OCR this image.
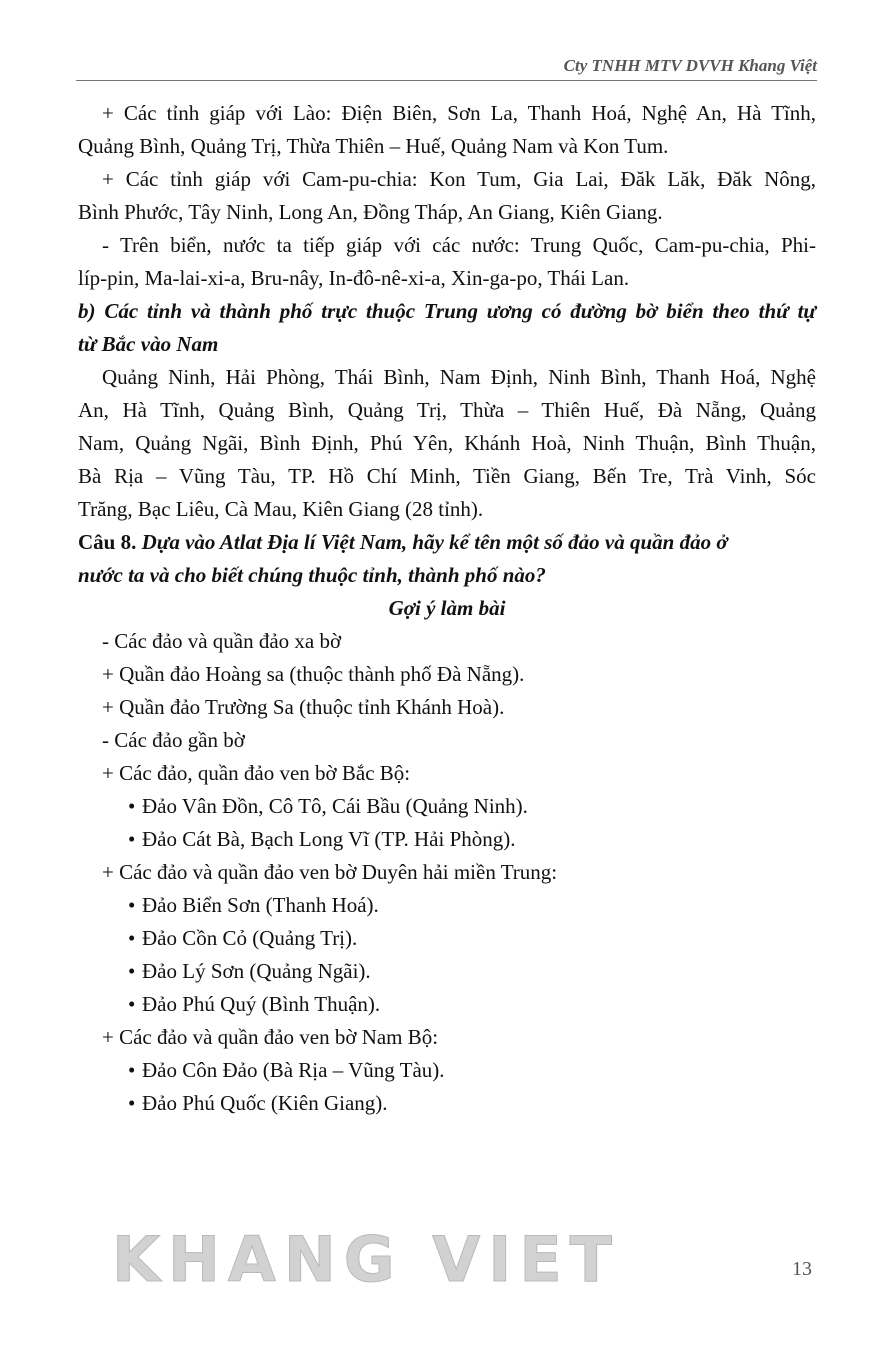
Cty TNHH MTV DVVH Khang Việt
+ Các tỉnh giáp với Lào: Điện Biên, Sơn La, Thanh Hoá, Nghệ An, Hà Tĩnh,
Quảng Bình, Quảng Trị, Thừa Thiên – Huế, Quảng Nam và Kon Tum.
+ Các tỉnh giáp với Cam-pu-chia: Kon Tum, Gia Lai, Đăk Lăk, Đăk Nông,
Bình Phước, Tây Ninh, Long An, Đồng Tháp, An Giang, Kiên Giang.
- Trên biển, nước ta tiếp giáp với các nước: Trung Quốc, Cam-pu-chia, Phi-
líp-pin, Ma-lai-xi-a, Bru-nây, In-đô-nê-xi-a, Xin-ga-po, Thái Lan.
b) Các tỉnh và thành phố trực thuộc Trung ương có đường bờ biển theo thứ tự
từ Bắc vào Nam
Quảng Ninh, Hải Phòng, Thái Bình, Nam Định, Ninh Bình, Thanh Hoá, Nghệ
An, Hà Tĩnh, Quảng Bình, Quảng Trị, Thừa – Thiên Huế, Đà Nẵng, Quảng
Nam, Quảng Ngãi, Bình Định, Phú Yên, Khánh Hoà, Ninh Thuận, Bình Thuận,
Bà Rịa – Vũng Tàu, TP. Hồ Chí Minh, Tiền Giang, Bến Tre, Trà Vinh, Sóc
Trăng, Bạc Liêu, Cà Mau, Kiên Giang (28 tỉnh).
Câu 8. Dựa vào Atlat Địa lí Việt Nam, hãy kể tên một số đảo và quần đảo ở
nước ta và cho biết chúng thuộc tỉnh, thành phố nào?
Gợi ý làm bài
- Các đảo và quần đảo xa bờ
+ Quần đảo Hoàng sa (thuộc thành phố Đà Nẵng).
+ Quần đảo Trường Sa (thuộc tỉnh Khánh Hoà).
- Các đảo gần bờ
+ Các đảo, quần đảo ven bờ Bắc Bộ:
• Đảo Vân Đồn, Cô Tô, Cái Bầu (Quảng Ninh).
• Đảo Cát Bà, Bạch Long Vĩ (TP. Hải Phòng).
+ Các đảo và quần đảo ven bờ Duyên hải miền Trung:
• Đảo Biển Sơn (Thanh Hoá).
• Đảo Cồn Cỏ (Quảng Trị).
• Đảo Lý Sơn (Quảng Ngãi).
• Đảo Phú Quý (Bình Thuận).
+ Các đảo và quần đảo ven bờ Nam Bộ:
• Đảo Côn Đảo (Bà Rịa – Vũng Tàu).
• Đảo Phú Quốc (Kiên Giang).
KHANG VIET	13
